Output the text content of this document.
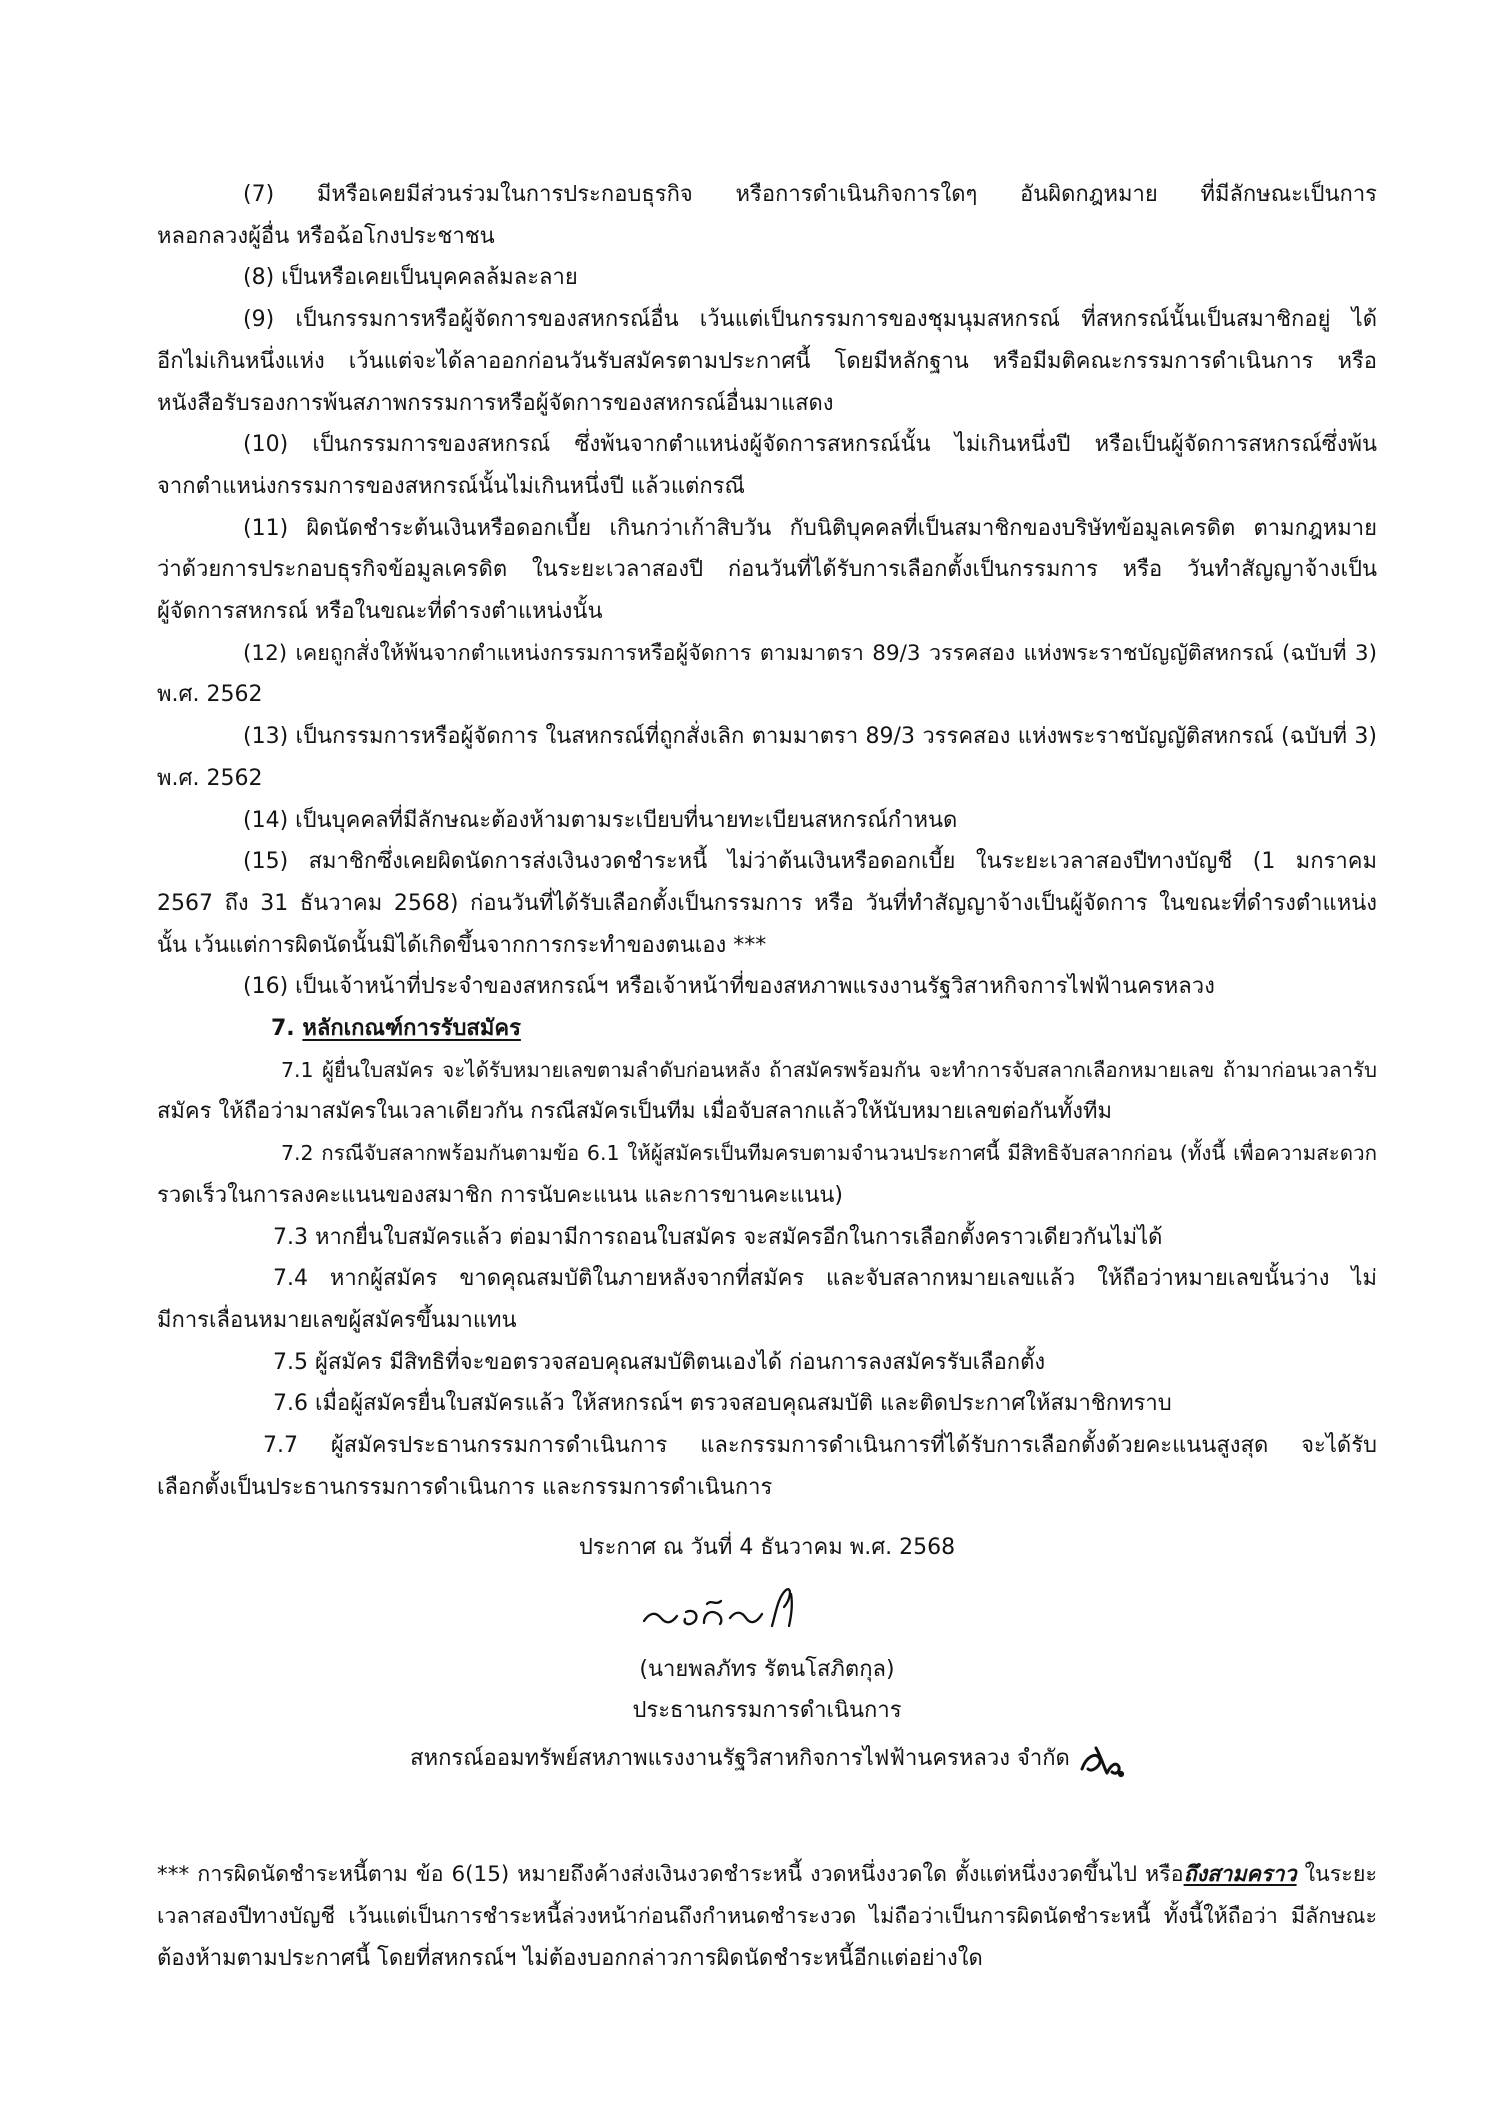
(7) มีหรือเคยมีส่วนร่วมในการประกอบธุรกิจ หรือการดำเนินกิจการใดๆ อันผิดกฎหมาย ที่มีลักษณะเป็นการ
หลอกลวงผู้อื่น หรือฉ้อโกงประชาชน
(8) เป็นหรือเคยเป็นบุคคลล้มละลาย
(9) เป็นกรรมการหรือผู้จัดการของสหกรณ์อื่น เว้นแต่เป็นกรรมการของชุมนุมสหกรณ์ ที่สหกรณ์นั้นเป็นสมาชิกอยู่ ได้
อีกไม่เกินหนึ่งแห่ง เว้นแต่จะได้ลาออกก่อนวันรับสมัครตามประกาศนี้ โดยมีหลักฐาน หรือมีมติคณะกรรมการดำเนินการ หรือ
หนังสือรับรองการพ้นสภาพกรรมการหรือผู้จัดการของสหกรณ์อื่นมาแสดง
(10) เป็นกรรมการของสหกรณ์ ซึ่งพ้นจากตำแหน่งผู้จัดการสหกรณ์นั้น ไม่เกินหนึ่งปี หรือเป็นผู้จัดการสหกรณ์ซึ่งพ้น
จากตำแหน่งกรรมการของสหกรณ์นั้นไม่เกินหนึ่งปี แล้วแต่กรณี
(11) ผิดนัดชำระต้นเงินหรือดอกเบี้ย เกินกว่าเก้าสิบวัน กับนิติบุคคลที่เป็นสมาชิกของบริษัทข้อมูลเครดิต ตามกฎหมาย
ว่าด้วยการประกอบธุรกิจข้อมูลเครดิต ในระยะเวลาสองปี ก่อนวันที่ได้รับการเลือกตั้งเป็นกรรมการ หรือ วันทำสัญญาจ้างเป็น
ผู้จัดการสหกรณ์ หรือในขณะที่ดำรงตำแหน่งนั้น
(12) เคยถูกสั่งให้พ้นจากตำแหน่งกรรมการหรือผู้จัดการ ตามมาตรา 89/3 วรรคสอง แห่งพระราชบัญญัติสหกรณ์ (ฉบับที่ 3)
พ.ศ. 2562
(13) เป็นกรรมการหรือผู้จัดการ ในสหกรณ์ที่ถูกสั่งเลิก ตามมาตรา 89/3 วรรคสอง แห่งพระราชบัญญัติสหกรณ์ (ฉบับที่ 3)
พ.ศ. 2562
(14) เป็นบุคคลที่มีลักษณะต้องห้ามตามระเบียบที่นายทะเบียนสหกรณ์กำหนด
(15) สมาชิกซึ่งเคยผิดนัดการส่งเงินงวดชำระหนี้ ไม่ว่าต้นเงินหรือดอกเบี้ย ในระยะเวลาสองปีทางบัญชี (1 มกราคม
2567 ถึง 31 ธันวาคม 2568) ก่อนวันที่ได้รับเลือกตั้งเป็นกรรมการ หรือ วันที่ทำสัญญาจ้างเป็นผู้จัดการ ในขณะที่ดำรงตำแหน่ง
นั้น เว้นแต่การผิดนัดนั้นมิได้เกิดขึ้นจากการกระทำของตนเอง ***
(16) เป็นเจ้าหน้าที่ประจำของสหกรณ์ฯ หรือเจ้าหน้าที่ของสหภาพแรงงานรัฐวิสาหกิจการไฟฟ้านครหลวง
7. หลักเกณฑ์การรับสมัคร
7.1 ผู้ยื่นใบสมัคร จะได้รับหมายเลขตามลำดับก่อนหลัง ถ้าสมัครพร้อมกัน จะทำการจับสลากเลือกหมายเลข ถ้ามาก่อนเวลารับ
สมัคร ให้ถือว่ามาสมัครในเวลาเดียวกัน กรณีสมัครเป็นทีม เมื่อจับสลากแล้วให้นับหมายเลขต่อกันทั้งทีม
7.2 กรณีจับสลากพร้อมกันตามข้อ 6.1 ให้ผู้สมัครเป็นทีมครบตามจำนวนประกาศนี้ มีสิทธิจับสลากก่อน (ทั้งนี้ เพื่อความสะดวก
รวดเร็วในการลงคะแนนของสมาชิก การนับคะแนน และการขานคะแนน)
7.3 หากยื่นใบสมัครแล้ว ต่อมามีการถอนใบสมัคร จะสมัครอีกในการเลือกตั้งคราวเดียวกันไม่ได้
7.4 หากผู้สมัคร ขาดคุณสมบัติในภายหลังจากที่สมัคร และจับสลากหมายเลขแล้ว ให้ถือว่าหมายเลขนั้นว่าง ไม่
มีการเลื่อนหมายเลขผู้สมัครขึ้นมาแทน
7.5 ผู้สมัคร มีสิทธิที่จะขอตรวจสอบคุณสมบัติตนเองได้ ก่อนการลงสมัครรับเลือกตั้ง
7.6 เมื่อผู้สมัครยื่นใบสมัครแล้ว ให้สหกรณ์ฯ ตรวจสอบคุณสมบัติ และติดประกาศให้สมาชิกทราบ
7.7 ผู้สมัครประธานกรรมการดำเนินการ และกรรมการดำเนินการที่ได้รับการเลือกตั้งด้วยคะแนนสูงสุด จะได้รับ
เลือกตั้งเป็นประธานกรรมการดำเนินการ และกรรมการดำเนินการ
ประกาศ ณ วันที่ 4 ธันวาคม พ.ศ. 2568
(นายพลภัทร รัตนโสภิตกุล)
ประธานกรรมการดำเนินการ
สหกรณ์ออมทรัพย์สหภาพแรงงานรัฐวิสาหกิจการไฟฟ้านครหลวง จำกัด
*** การผิดนัดชำระหนี้ตาม ข้อ 6(15) หมายถึงค้างส่งเงินงวดชำระหนี้ งวดหนึ่งงวดใด ตั้งแต่หนึ่งงวดขึ้นไป หรือถึงสามคราว ในระยะ
เวลาสองปีทางบัญชี เว้นแต่เป็นการชำระหนี้ล่วงหน้าก่อนถึงกำหนดชำระงวด ไม่ถือว่าเป็นการผิดนัดชำระหนี้ ทั้งนี้ให้ถือว่า มีลักษณะ
ต้องห้ามตามประกาศนี้ โดยที่สหกรณ์ฯ ไม่ต้องบอกกล่าวการผิดนัดชำระหนี้อีกแต่อย่างใด
